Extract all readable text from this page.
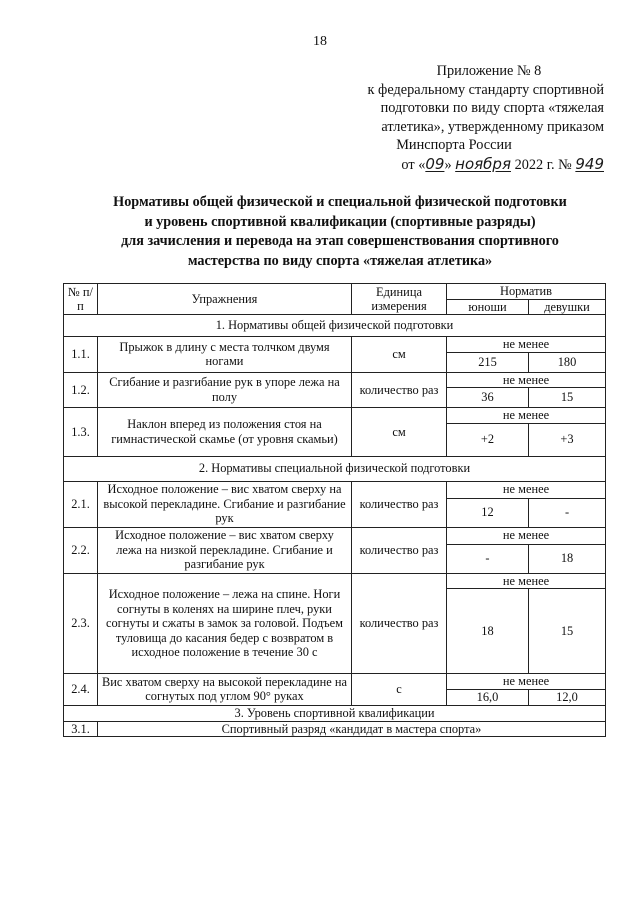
18
Приложение № 8
к федеральному стандарту спортивной
подготовки по виду спорта «тяжелая
атлетика», утвержденному приказом
Минспорта России
от «09» ноября 2022 г. № 949
Нормативы общей физической и специальной физической подготовки
и уровень спортивной квалификации (спортивные разряды)
для зачисления и перевода на этап совершенствования спортивного
мастерства по виду спорта «тяжелая атлетика»
№ п/п	Упражнения	Единица измерения	Норматив	
			юноши	девушки
1. Нормативы общей физической подготовки				
1.1.	Прыжок в длину с места толчком двумя ногами	см	не менее	
			215	180
1.2.	Сгибание и разгибание рук в упоре лежа на полу	количество раз	не менее	
			36	15
1.3.	Наклон вперед из положения стоя на гимнастической скамье (от уровня скамьи)	см	не менее	
			+2	+3
2. Нормативы специальной физической подготовки				
2.1.	Исходное положение – вис хватом сверху на высокой перекладине. Сгибание и разгибание рук	количество раз	не менее	
			12	-
2.2.	Исходное положение – вис хватом сверху лежа на низкой перекладине. Сгибание и разгибание рук	количество раз	не менее	
			-	18
2.3.	Исходное положение – лежа на спине. Ноги согнуты в коленях на ширине плеч, руки согнуты и сжаты в замок за головой. Подъем туловища до касания бедер с возвратом в исходное положение в течение 30 с	количество раз	не менее	
			18	15
2.4.	Вис хватом сверху на высокой перекладине на согнутых под углом 90° руках	с	не менее	
			16,0	12,0
3. Уровень спортивной квалификации				
3.1.	Спортивный разряд «кандидат в мастера спорта»			
